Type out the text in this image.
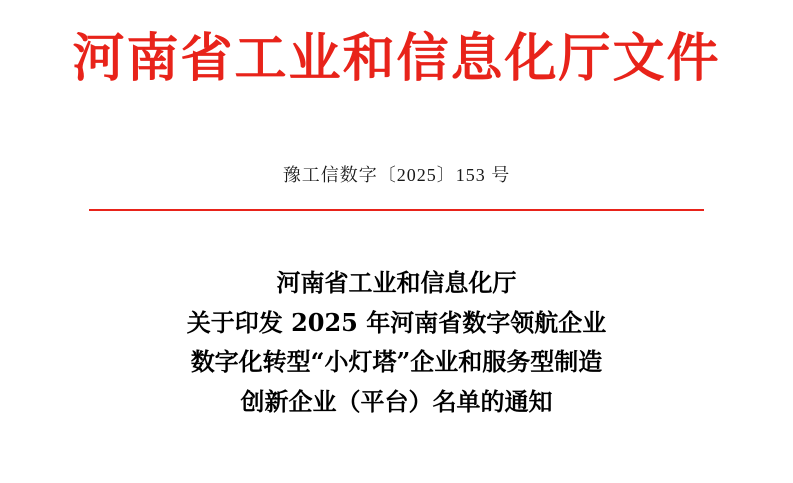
河南省工业和信息化厅文件
豫工信数字〔2025〕153 号
河南省工业和信息化厅
关于印发 2025 年河南省数字领航企业
数字化转型“小灯塔”企业和服务型制造
创新企业（平台）名单的通知
